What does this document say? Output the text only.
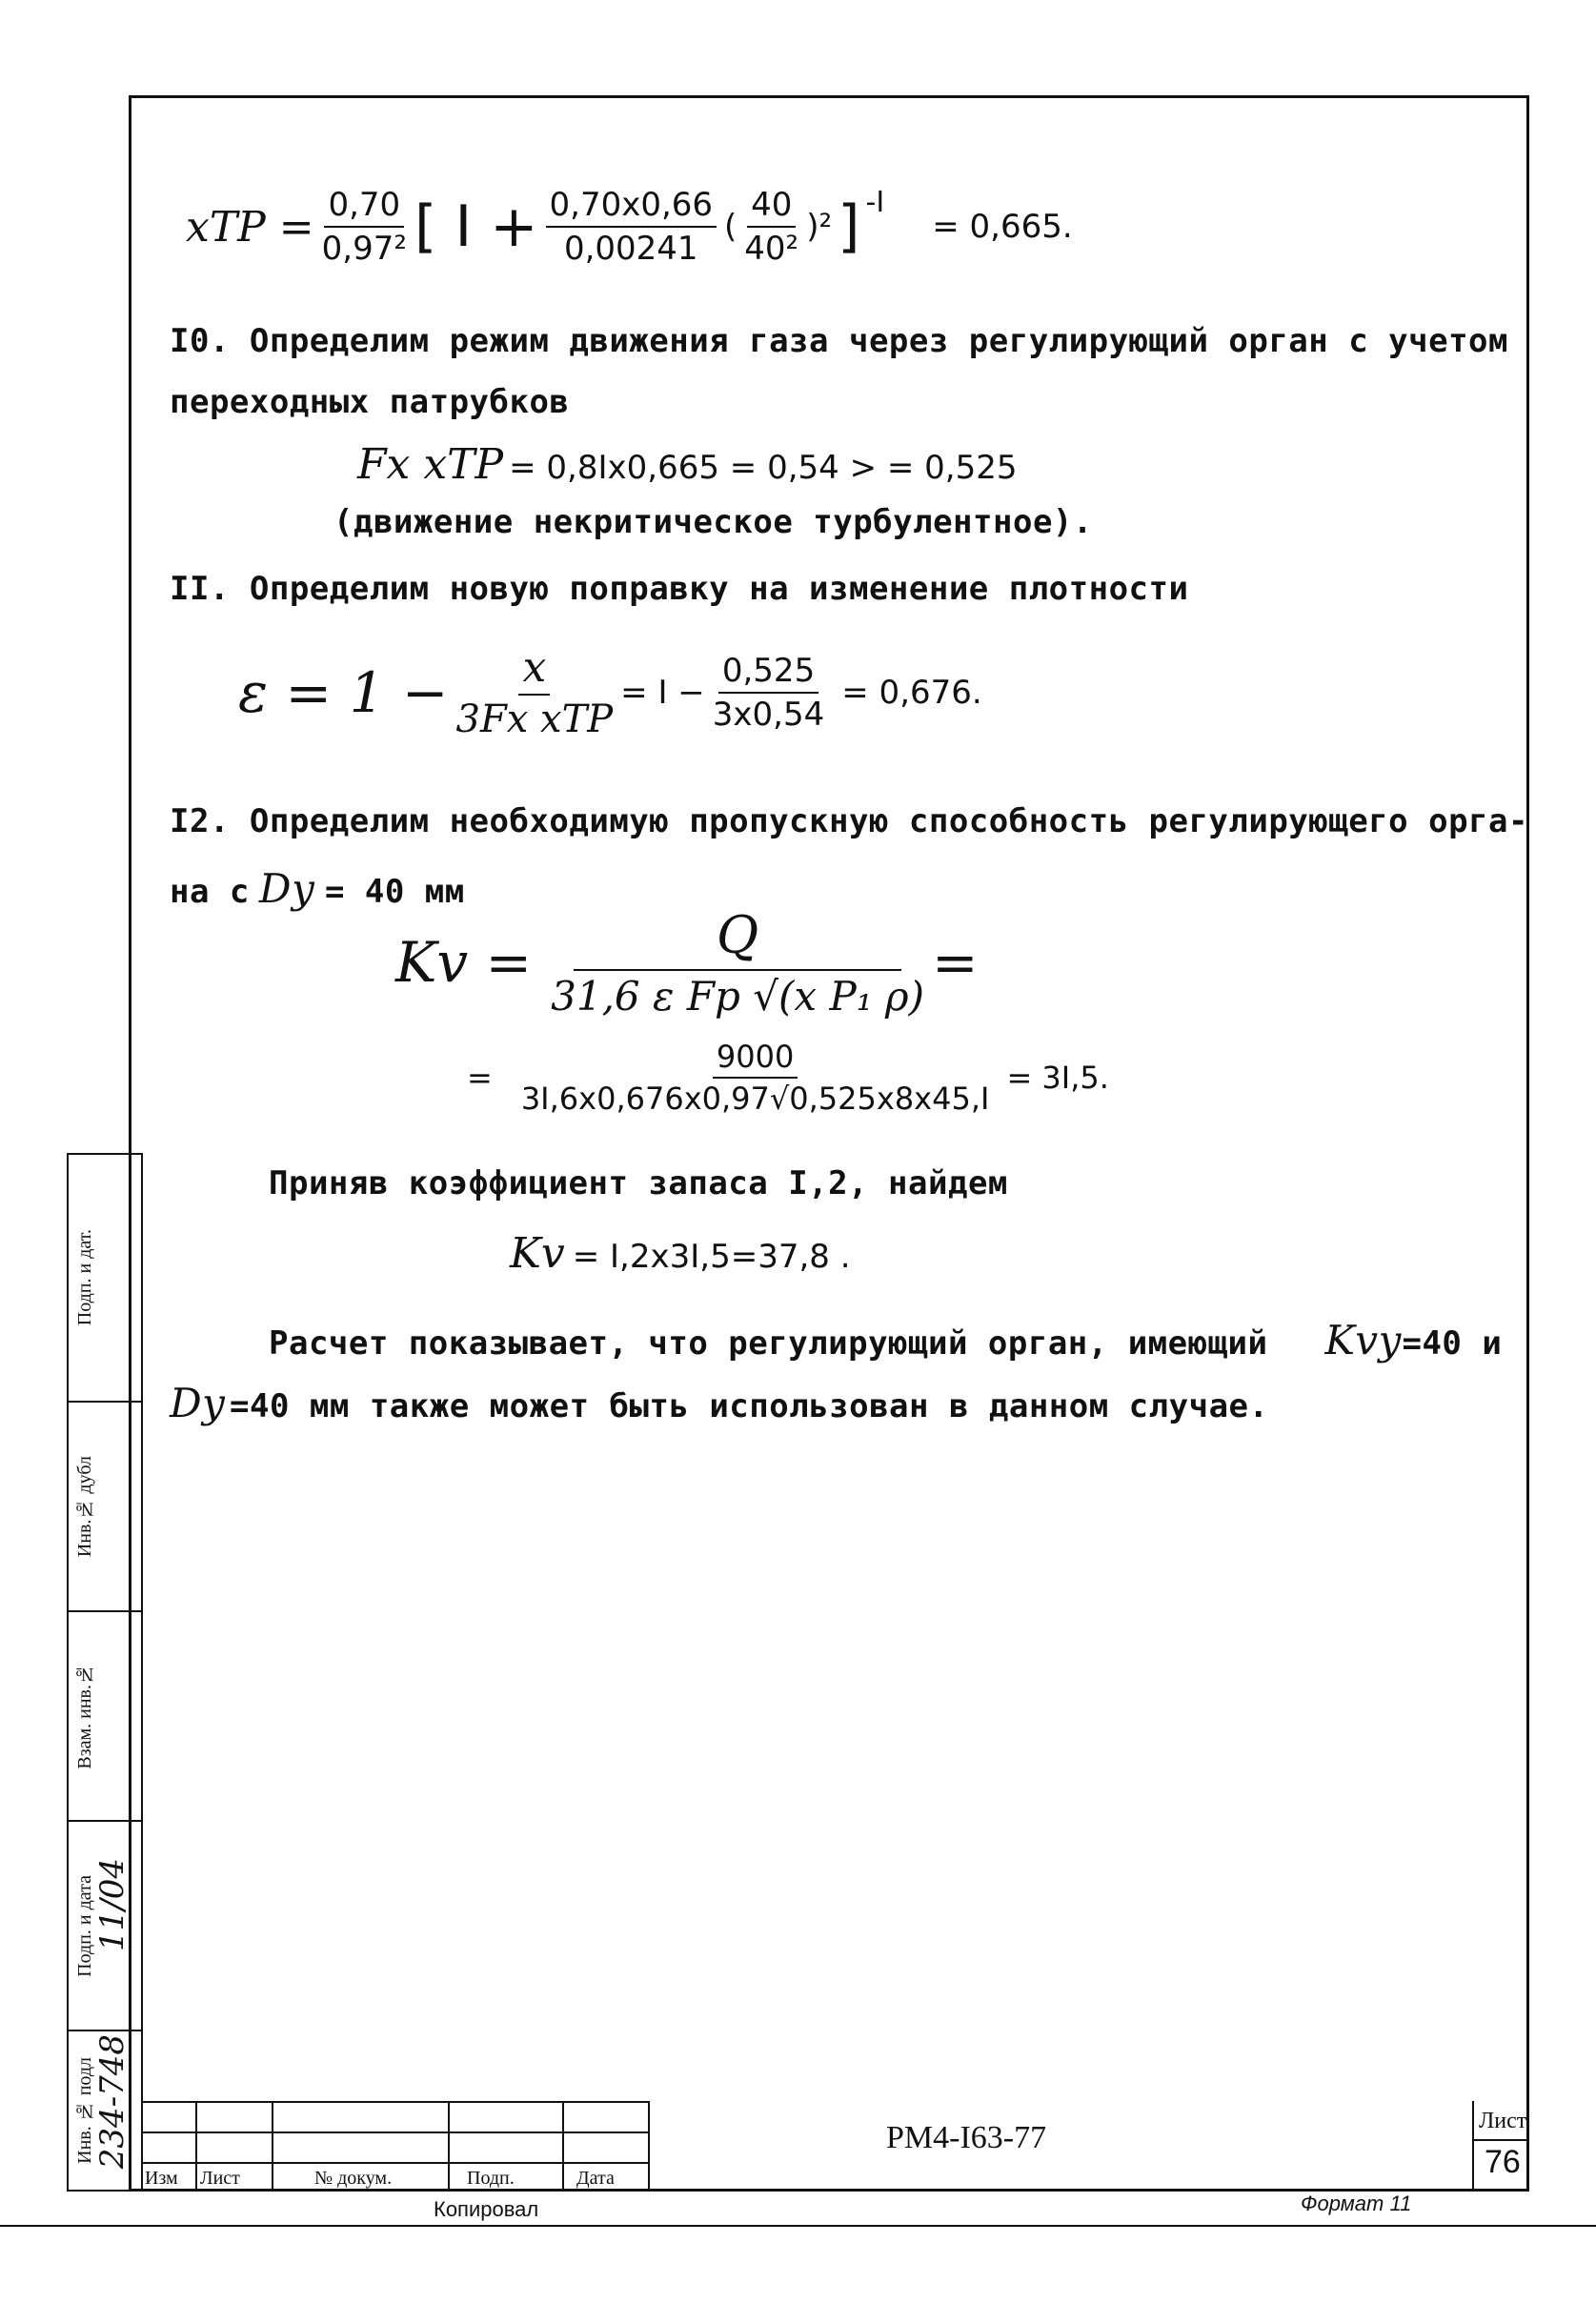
xТР = $\frac{0,70}{\text{0,97²}}$ [ $I + \frac{0,70x0,66}{0,00241}$ ( $\frac{40}{\text{40²}} )^2$ ] -I
= 0,665.
I0. Определим режим движения газа через регулирующий орган с учетом
переходных патрубков
Fx xТР = 0,8Ix0,665 = 0,54 > = 0,525
(движение некритическое турбулентное).
II. Определим новую поправку на изменение плотности
$\varepsilon = 1 - \frac{x}{\text{3Fx xТР}} = I - \frac{0,525}{3x0,54} = 0,676$.
I2. Определим необходимую пропускную способность регулирующего орга-
на с Dу = 40 мм
$Kv = \frac{Q}{\text{31,6 ε Fр √(x P₁ ρ)}}$ =
= $\frac{9000}{3I,6x0,676x0,97√0,525x8x45,I} = 3I,5$.
Приняв коэффициент запаса I,2, найдем
Kv = I,2x3I,5=37,8 .
Расчет показывает, что регулирующий орган, имеющий Kvу =40 и
Dу =40 мм также может быть использован в данном случае.
Подп. и дат.
Инв.№ дубл
Взам. инв.№
Подп. и дата
11/04
Инв. № подл
234-748
Изм Лист	№ докум.	Подп.	Дата
РМ4-I63-77	Лист
76
Копировал	Формат 11
